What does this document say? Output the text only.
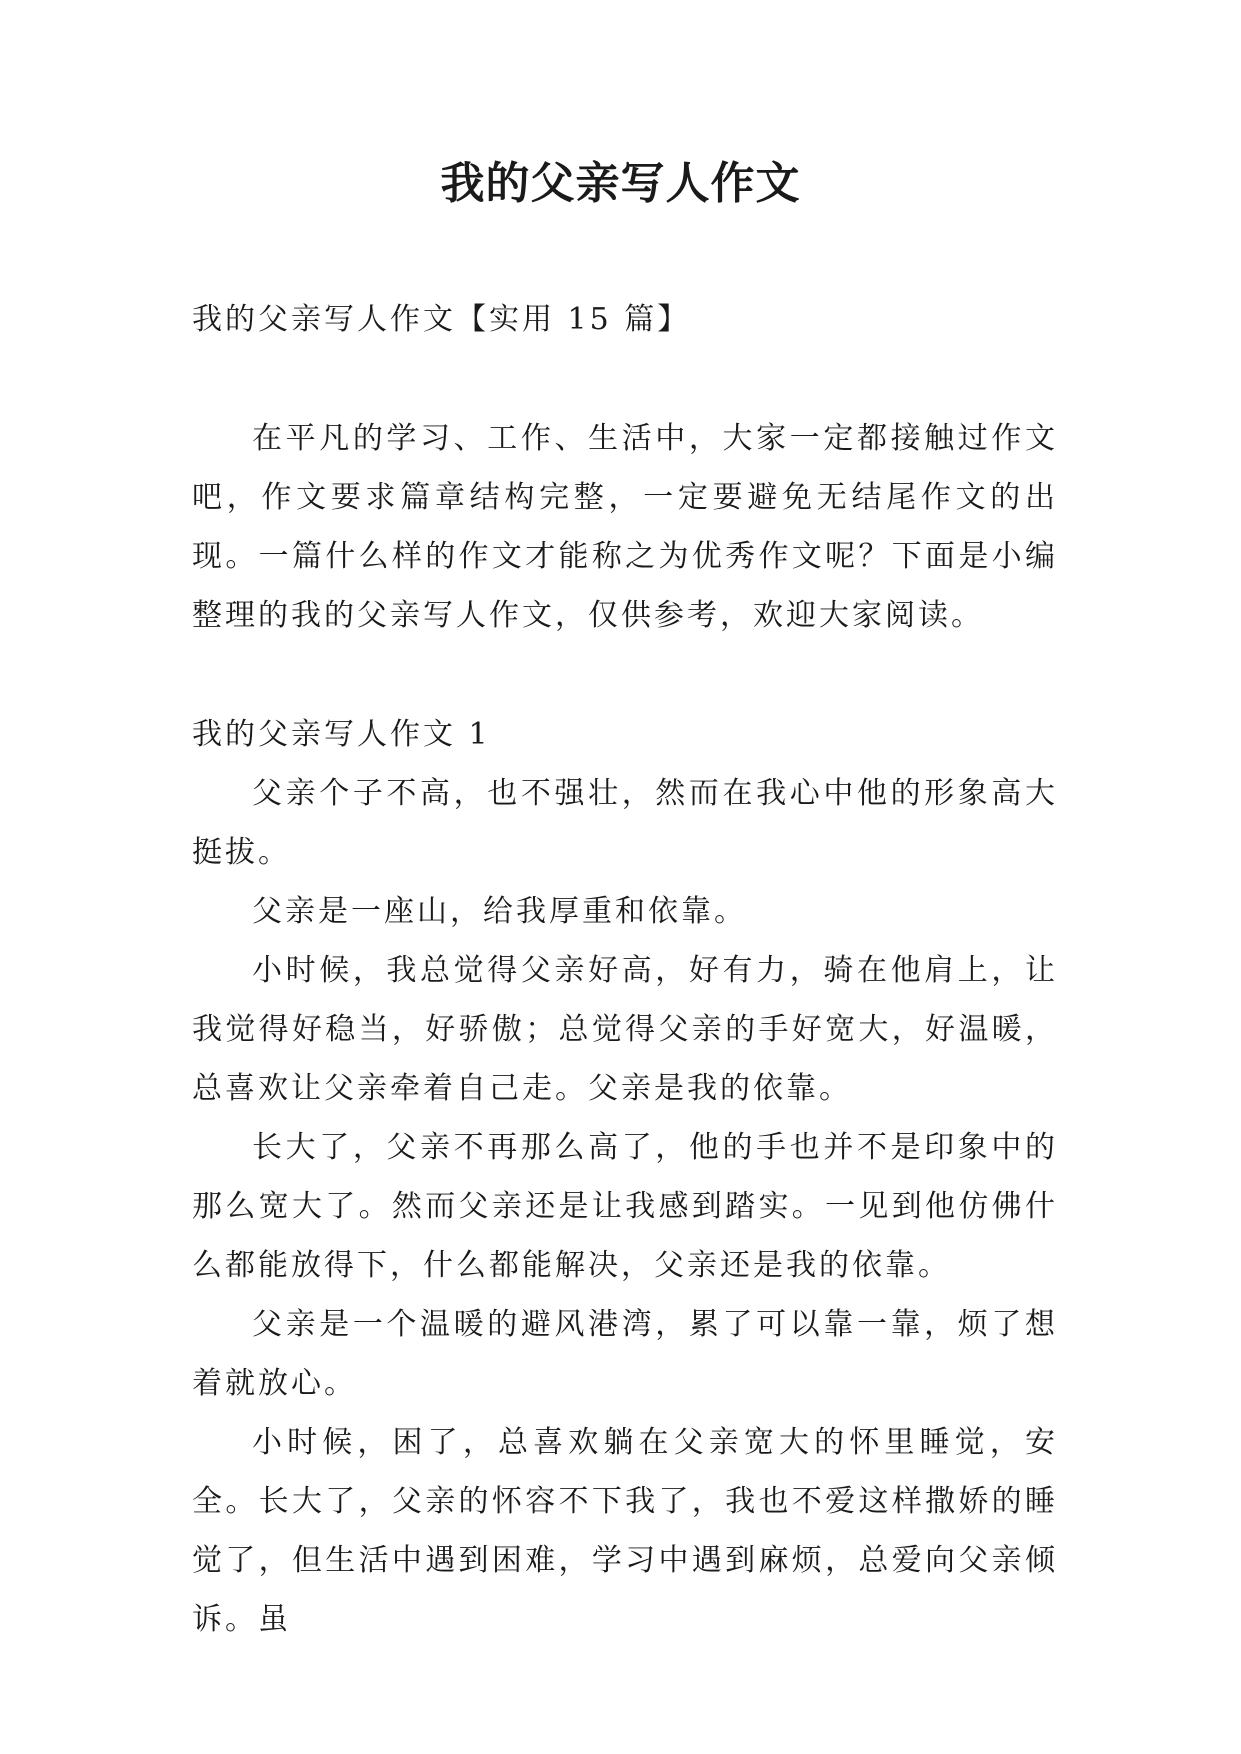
我的父亲写人作文

我的父亲写人作文【实用 15 篇】

在平凡的学习、工作、生活中，大家一定都接触过作文吧，作文要求篇章结构完整，一定要避免无结尾作文的出现。一篇什么样的作文才能称之为优秀作文呢？下面是小编整理的我的父亲写人作文，仅供参考，欢迎大家阅读。

我的父亲写人作文 1

父亲个子不高，也不强壮，然而在我心中他的形象高大挺拔。

父亲是一座山，给我厚重和依靠。

小时候，我总觉得父亲好高，好有力，骑在他肩上，让我觉得好稳当，好骄傲；总觉得父亲的手好宽大，好温暖，总喜欢让父亲牵着自己走。父亲是我的依靠。

长大了，父亲不再那么高了，他的手也并不是印象中的那么宽大了。然而父亲还是让我感到踏实。一见到他仿佛什么都能放得下，什么都能解决，父亲还是我的依靠。

父亲是一个温暖的避风港湾，累了可以靠一靠，烦了想着就放心。

小时候，困了，总喜欢躺在父亲宽大的怀里睡觉，安全。长大了，父亲的怀容不下我了，我也不爱这样撒娇的睡觉了，但生活中遇到困难，学习中遇到麻烦，总爱向父亲倾诉。虽
